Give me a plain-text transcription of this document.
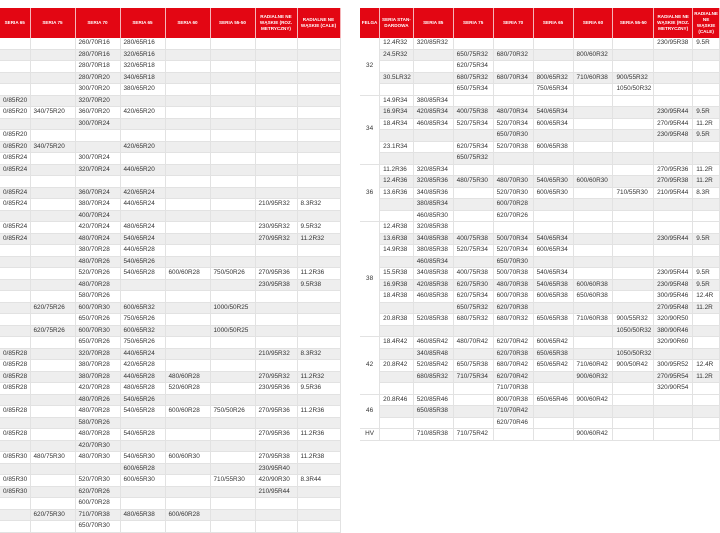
SERIA 65	SERIA 75	SERIA 70	SERIA 65	SERIA 60	SERIA 55-50	RADIALNE NE WĄSKIE (ROZ. METRYCZNY)	RADIALNE NE WĄSKIE (CALE)
		260/70R16	280/65R16				
		280/70R16	320/65R16				
		280/70R18	320/65R18				
		280/70R20	340/65R18				
		300/70R20	380/65R20				
0/85R20		320/70R20					
0/85R20	340/75R20	360/70R20	420/65R20				
		300/70R24					
0/85R20							
0/85R20	340/75R20		420/65R20				
0/85R24		300/70R24					
0/85R24		320/70R24	440/65R20				

0/85R24		360/70R24	420/65R24				
0/85R24		380/70R24	440/65R24			210/95R32	8.3R32
		400/70R24					
0/85R24		420/70R24	480/65R24			230/95R32	9.5R32
0/85R24		480/70R24	540/65R24			270/95R32	11.2R32
		380/70R28	440/65R28				
		480/70R26	540/65R26				
		520/70R26	540/65R28	600/60R28	750/50R26	270/95R36	11.2R36
		480/70R28				230/95R38	9.5R38
		580/70R26					
	620/75R26	600/70R30	600/65R32		1000/50R25		
		650/70R26	750/65R26				
	620/75R26	600/70R30	600/65R32		1000/50R25		
		650/70R26	750/65R26				
0/85R28		320/70R28	440/65R24			210/95R32	8.3R32
0/85R28		380/70R28	420/65R28				
0/85R28		380/70R28	440/65R28	480/60R28		270/95R32	11.2R32
0/85R28		420/70R28	480/65R28	520/60R28		230/95R36	9.5R36
		480/70R26	540/65R26				
0/85R28		480/70R28	540/65R28	600/60R28	750/50R26	270/95R36	11.2R36
		580/70R26					
0/85R28		480/70R28	540/65R28			270/95R36	11.2R36
		420/70R30					
0/85R30	480/75R30	480/70R30	540/65R30	600/60R30		270/95R38	11.2R38
			600/65R28			230/95R40	
0/85R30		520/70R30	600/65R30		710/55R30	420/90R30	8.3R44
0/85R30		620/70R26				210/95R44	
		600/70R28					
	620/75R30	710/70R38	480/65R38	600/60R28			
		650/70R30					
FELGA	SERIA STAN-DARDOWA	SERIA 85	SERIA 75	SERIA 70	SERIA 65	SERIA 60	SERIA 55-50	RADIALNE NE WĄSKIE (ROZ. METRYCZNY)	RADIALNE NE WĄSKIE (CALE)
32	12.4R32	320/85R32						230/95R38	9.5R
	24.5R32		650/75R32	680/70R32		800/60R32			
			620/75R34						
	30.5LR32		680/75R32	680/70R34	800/65R32	710/60R38	900/55R32		
			650/75R34		750/65R34		1050/50R32		
34	14.9R34	380/85R34							
	16.9R34	420/85R34	400/75R38	480/70R34	540/65R34			230/95R44	9.5R
	18.4R34	460/85R34	520/75R34	520/70R34	600/65R34			270/95R44	11.2R
				650/70R30				230/95R48	9.5R
	23.1R34		620/75R34	520/70R38	600/65R38				
			650/75R32						
36	11.2R36	320/85R34						270/95R36	11.2R
	12.4R36	320/85R36	480/75R30	480/70R30	540/65R30	600/60R30		270/95R38	11.2R
	13.6R36	340/85R36		520/70R30	600/65R30		710/55R30	210/95R44	8.3R
		380/85R34		600/70R28					
		460/85R30		620/70R26					
38	12.4R38	320/85R38							
	13.6R38	340/85R38	400/75R38	500/70R34	540/65R34			230/95R44	9.5R
	14.9R38	380/85R38	520/75R34	520/70R34	600/65R34				
		460/85R34		650/70R30					
	15.5R38	340/85R38	400/75R38	500/70R38	540/65R34			230/95R44	9.5R
	16.9R38	420/85R38	620/75R30	480/70R38	540/65R38	600/60R38		230/95R48	9.5R
	18.4R38	460/85R38	620/75R34	600/70R38	600/65R38	650/60R38		300/95R46	12.4R
			650/75R32	620/70R38				270/95R48	11.2R
	20.8R38	520/85R38	680/75R32	680/70R32	650/65R38	710/60R38	900/55R32	320/90R50	
							1050/50R32	380/90R46	
42	18.4R42	460/85R42	480/70R42	620/70R42	600/65R42			320/90R60	
		340/85R48		620/70R38	650/65R38		1050/50R32		
	20.8R42	520/85R42	650/75R38	680/70R42	650/65R42	710/60R42	900/50R42	300/95R52	12.4R
		680/85R32	710/75R34	620/70R42		900/60R32		270/95R54	11.2R
				710/70R38				320/90R54	
46	20.8R46	520/85R46		800/70R38	650/65R46	900/60R42			
		650/85R38		710/70R42					
				620/70R46					
HV		710/85R38	710/75R42			900/60R42			
